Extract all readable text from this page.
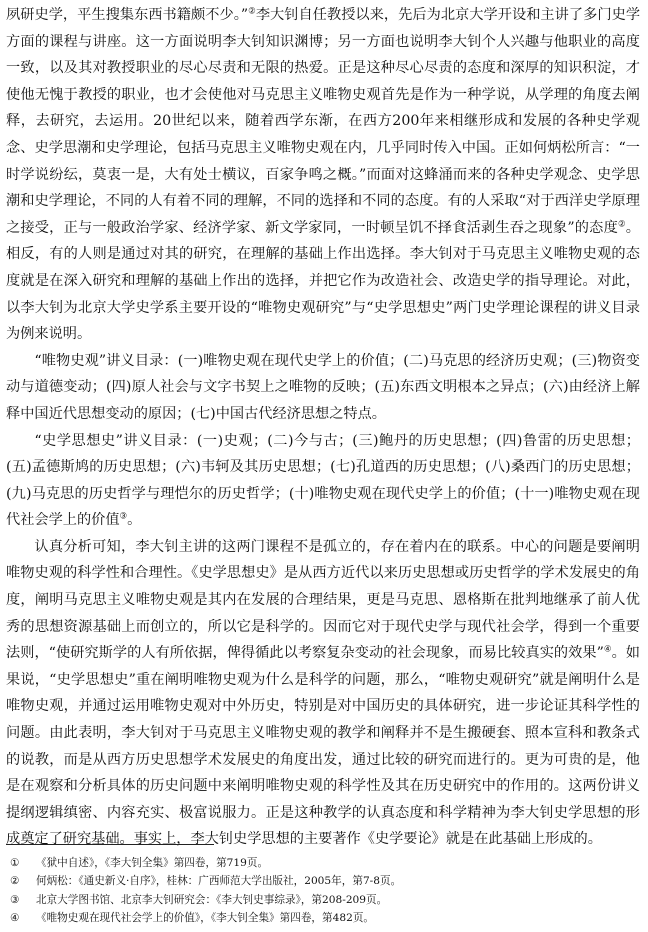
夙研史学，平生搜集东西书籍颇不少。”②李大钊自任教授以来，先后为北京大学开设和主讲了多门史学方面的课程与讲座。这一方面说明李大钊知识渊博；另一方面也说明李大钊个人兴趣与他职业的高度一致，以及其对教授职业的尽心尽责和无限的热爱。正是这种尽心尽责的态度和深厚的知识积淀，才使他无愧于教授的职业，也才会使他对马克思主义唯物史观首先是作为一种学说，从学理的角度去阐释，去研究，去运用。20世纪以来，随着西学东渐，在西方200年来相继形成和发展的各种史学观念、史学思潮和史学理论，包括马克思主义唯物史观在内，几乎同时传入中国。正如何炳松所言：“一时学说纷纭，莫衷一是，大有处士横议，百家争鸣之概。”而面对这蜂涌而来的各种史学观念、史学思潮和史学理论，不同的人有着不同的理解，不同的选择和不同的态度。有的人采取“对于西洋史学原理之接受，正与一般政治学家、经济学家、新文学家同，一时顿呈饥不择食活剥生吞之现象”的态度②。相反，有的人则是通过对其的研究，在理解的基础上作出选择。李大钊对于马克思主义唯物史观的态度就是在深入研究和理解的基础上作出的选择，并把它作为改造社会、改造史学的指导理论。对此，以李大钊为北京大学史学系主要开设的“唯物史观研究”与“史学思想史”两门史学理论课程的讲义目录为例来说明。

“唯物史观”讲义目录：(一)唯物史观在现代史学上的价值；(二)马克思的经济历史观；(三)物资变动与道德变动；(四)原人社会与文字书契上之唯物的反映；(五)东西文明根本之异点；(六)由经济上解释中国近代思想变动的原因；(七)中国古代经济思想之特点。

“史学思想史”讲义目录：(一)史观；(二)今与古；(三)鲍丹的历史思想；(四)鲁雷的历史思想；(五)孟德斯鸠的历史思想；(六)韦轲及其历史思想；(七)孔道西的历史思想；(八)桑西门的历史思想；(九)马克思的历史哲学与理恺尔的历史哲学；(十)唯物史观在现代史学上的价值；(十一)唯物史观在现代社会学上的价值③。

认真分析可知，李大钊主讲的这两门课程不是孤立的，存在着内在的联系。中心的问题是要阐明唯物史观的科学性和合理性。《史学思想史》是从西方近代以来历史思想或历史哲学的学术发展史的角度，阐明马克思主义唯物史观是其内在发展的合理结果，更是马克思、恩格斯在批判地继承了前人优秀的思想资源基础上而创立的，所以它是科学的。因而它对于现代史学与现代社会学，得到一个重要法则，“使研究斯学的人有所依据，俾得循此以考察复杂变动的社会现象，而易比较真实的效果”④。如果说，“史学思想史”重在阐明唯物史观为什么是科学的问题，那么，“唯物史观研究”就是阐明什么是唯物史观，并通过运用唯物史观对中外历史，特别是对中国历史的具体研究，进一步论证其科学性的问题。由此表明，李大钊对于马克思主义唯物史观的教学和阐释并不是生搬硬套、照本宣科和教条式的说教，而是从西方历史思想学术发展史的角度出发，通过比较的研究而进行的。更为可贵的是，他是在观察和分析具体的历史问题中来阐明唯物史观的科学性及其在历史研究中的作用的。这两份讲义提纲逻辑缜密、内容充实、极富说服力。正是这种教学的认真态度和科学精神为李大钊史学思想的形成奠定了研究基础。事实上，李大钊史学思想的主要著作《史学要论》就是在此基础上形成的。

① 《狱中自述》，《李大钊全集》第四卷，第719页。

② 何炳松：《通史新义·自序》，桂林：广西师范大学出版社，2005年，第7-8页。

③ 北京大学图书馆、北京李大钊研究会：《李大钊史事综录》，第208-209页。

④ 《唯物史观在现代社会学上的价值》，《李大钊全集》第四卷，第482页。
